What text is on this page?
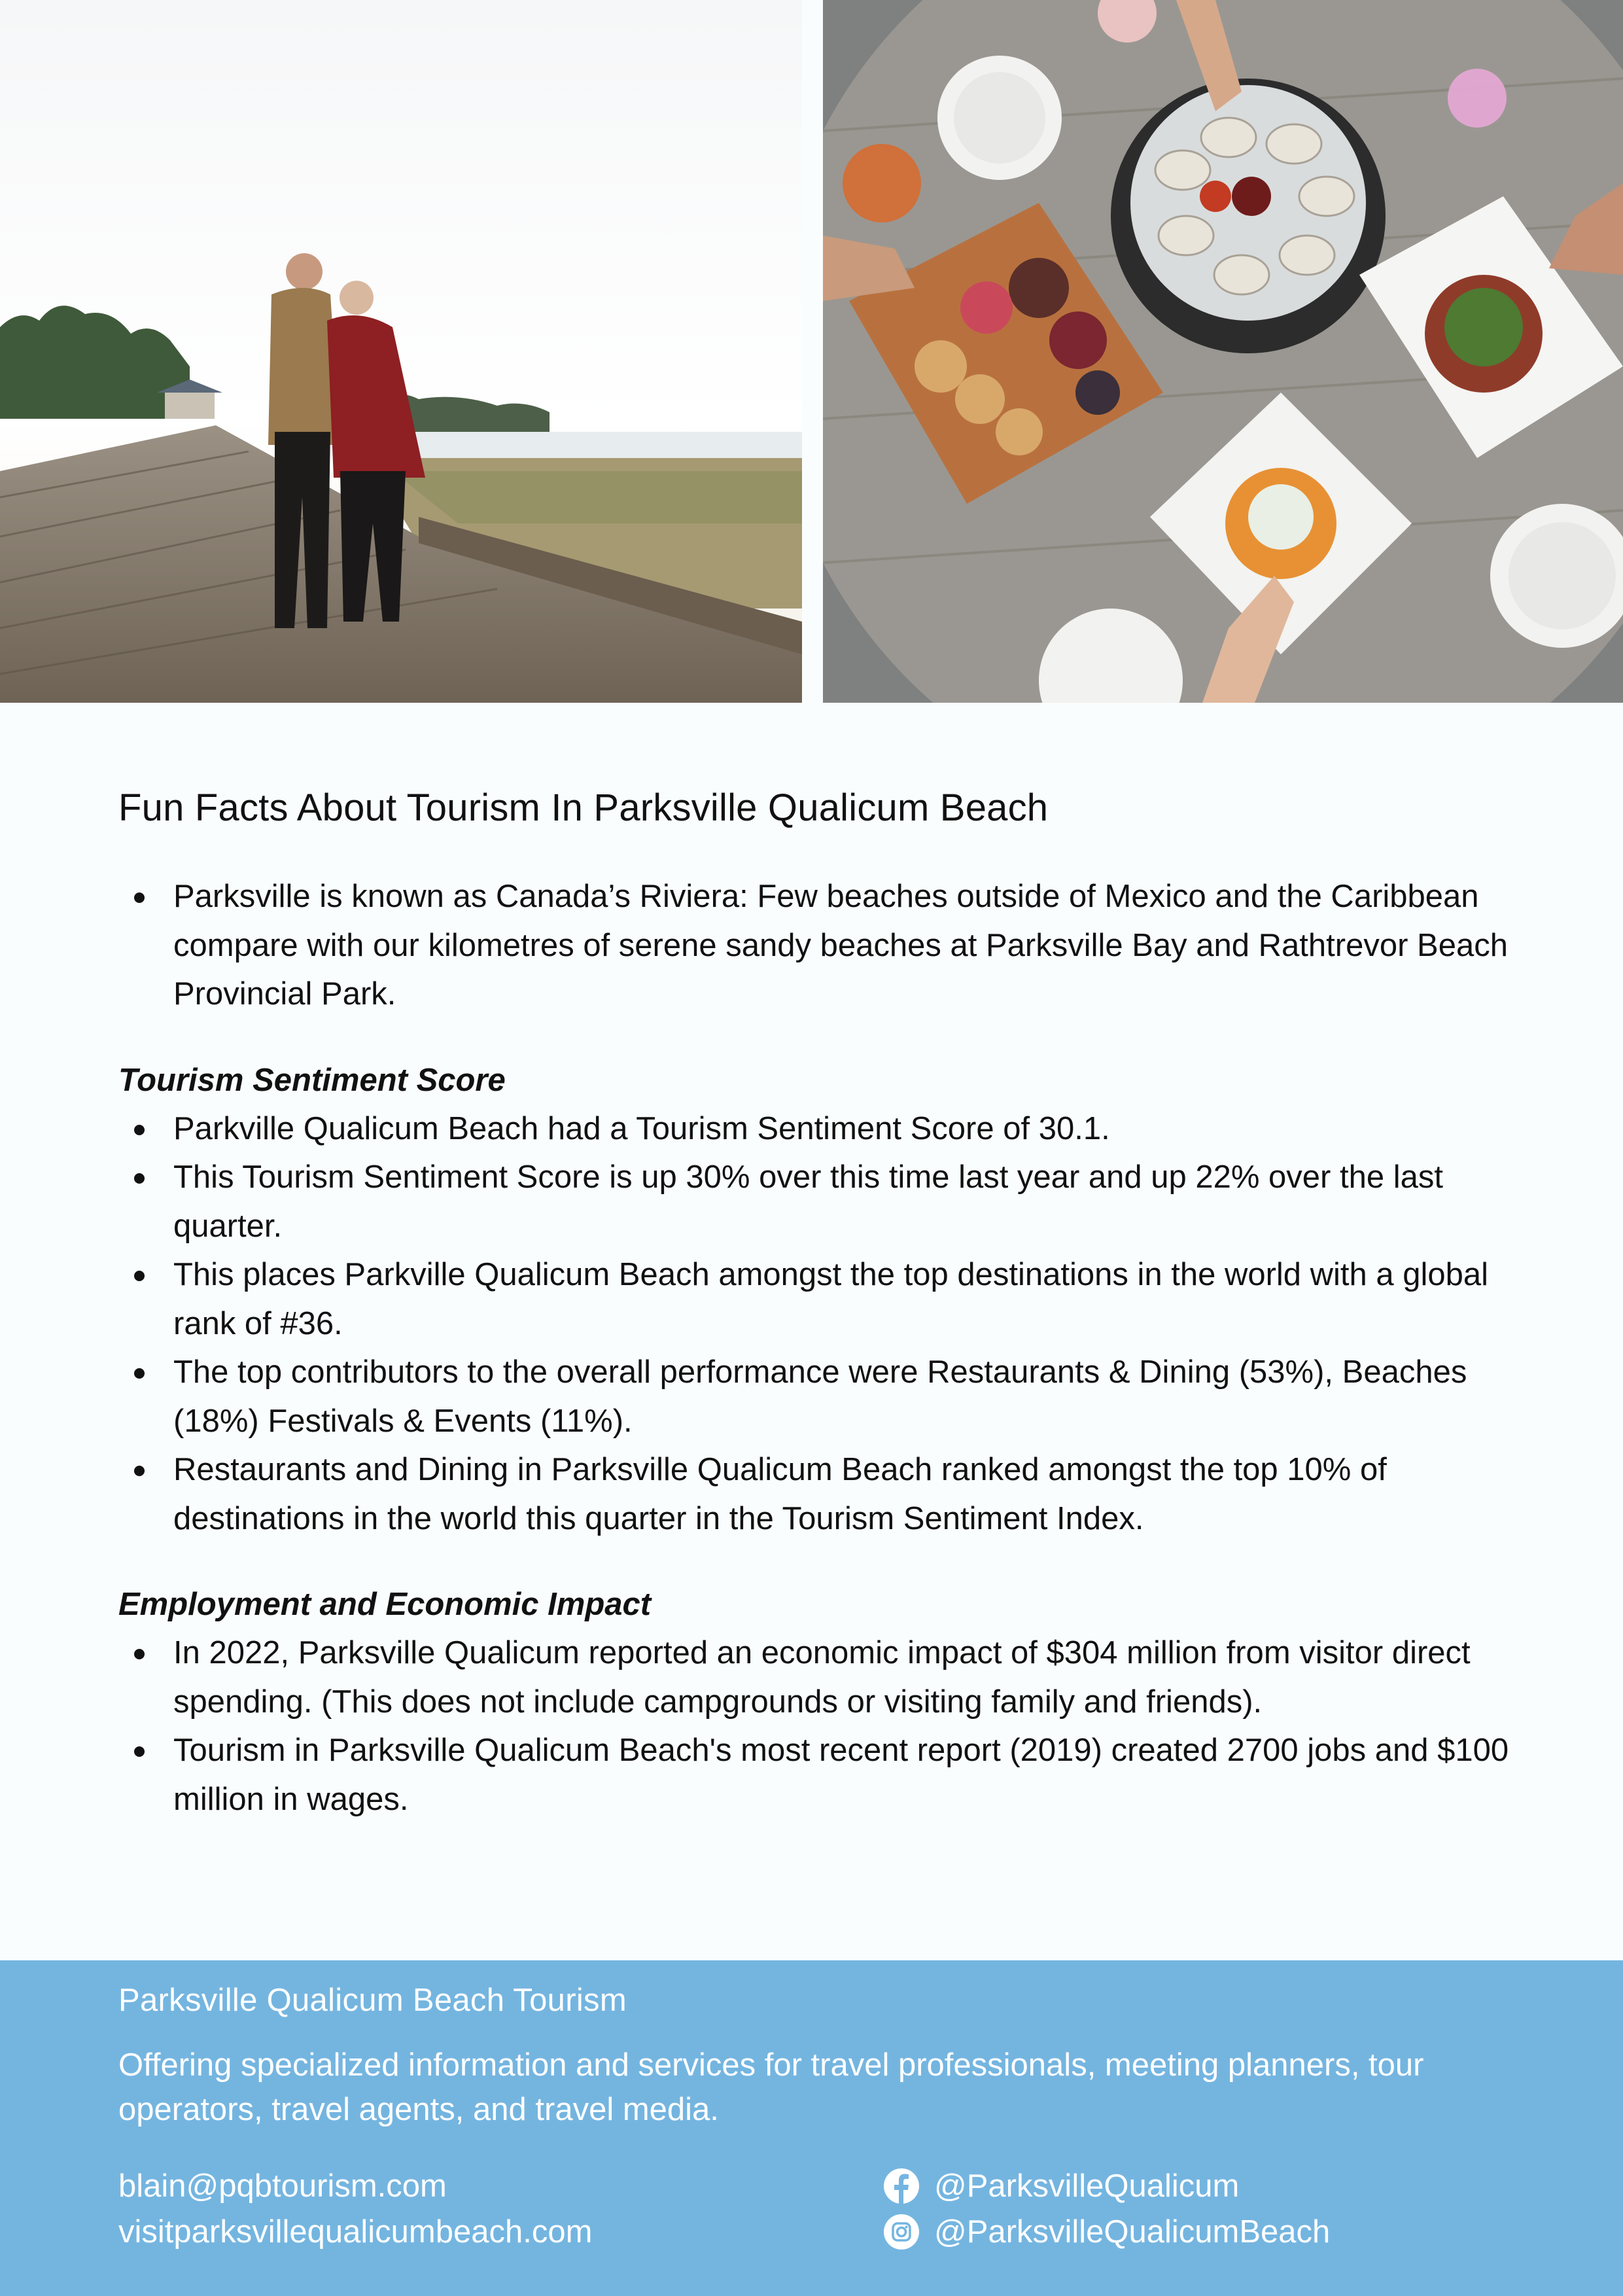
Fun Facts About Tourism In Parksville Qualicum Beach
Parksville is known as Canada’s Riviera: Few beaches outside of Mexico and the Caribbean compare with our kilometres of serene sandy beaches at Parksville Bay and Rathtrevor Beach Provincial Park.
Tourism Sentiment Score
Parkville Qualicum Beach had a Tourism Sentiment Score of 30.1.
This Tourism Sentiment Score is up 30% over this time last year and up 22% over the last quarter.
This places Parkville Qualicum Beach amongst the top destinations in the world with a global rank of #36.
The top contributors to the overall performance were Restaurants & Dining (53%), Beaches (18%) Festivals & Events (11%).
Restaurants and Dining in Parksville Qualicum Beach ranked amongst the top 10% of destinations in the world this quarter in the Tourism Sentiment Index.
Employment and Economic Impact
In 2022, Parksville Qualicum reported an economic impact of $304 million from visitor direct spending. (This does not include campgrounds or visiting family and friends).
Tourism in Parksville Qualicum Beach's most recent report (2019) created 2700 jobs and $100 million in wages.
Parksville Qualicum Beach Tourism
Offering specialized information and services for travel professionals, meeting planners, tour operators, travel agents, and travel media.
blain@pqbtourism.com
visitparksvillequalicumbeach.com
@ParksvilleQualicum
@ParksvilleQualicumBeach
